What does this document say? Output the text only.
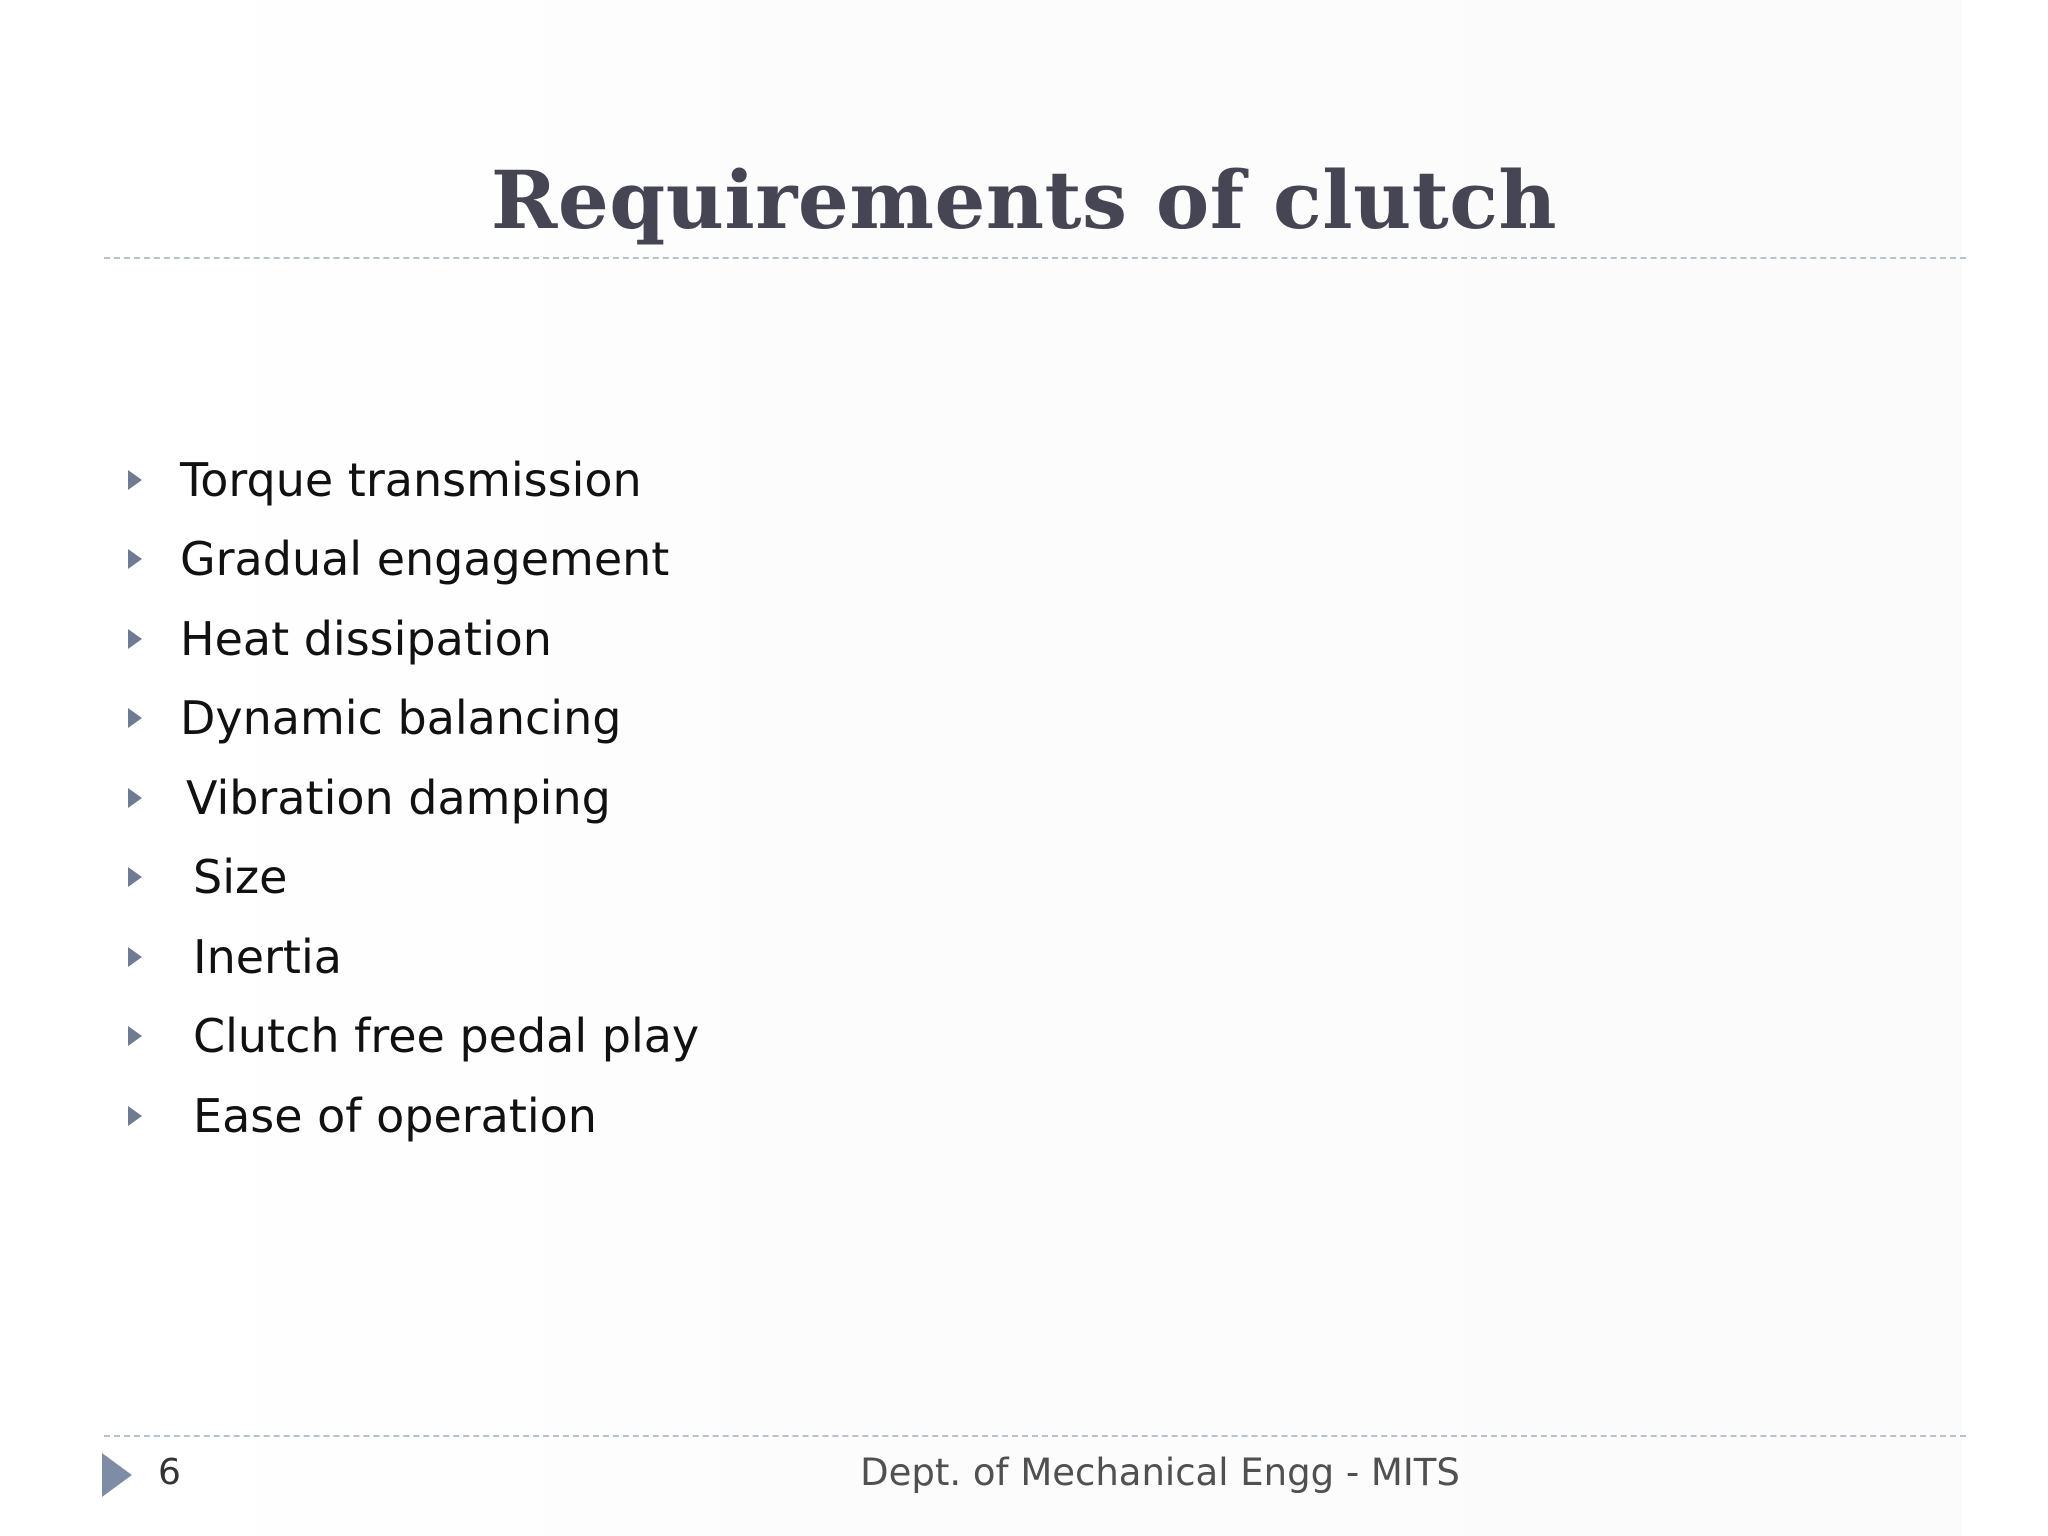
Requirements of clutch
Torque transmission
Gradual engagement
Heat dissipation
Dynamic balancing
Vibration damping
Size
Inertia
Clutch free pedal play
Ease of operation
6	Dept. of Mechanical Engg - MITS
